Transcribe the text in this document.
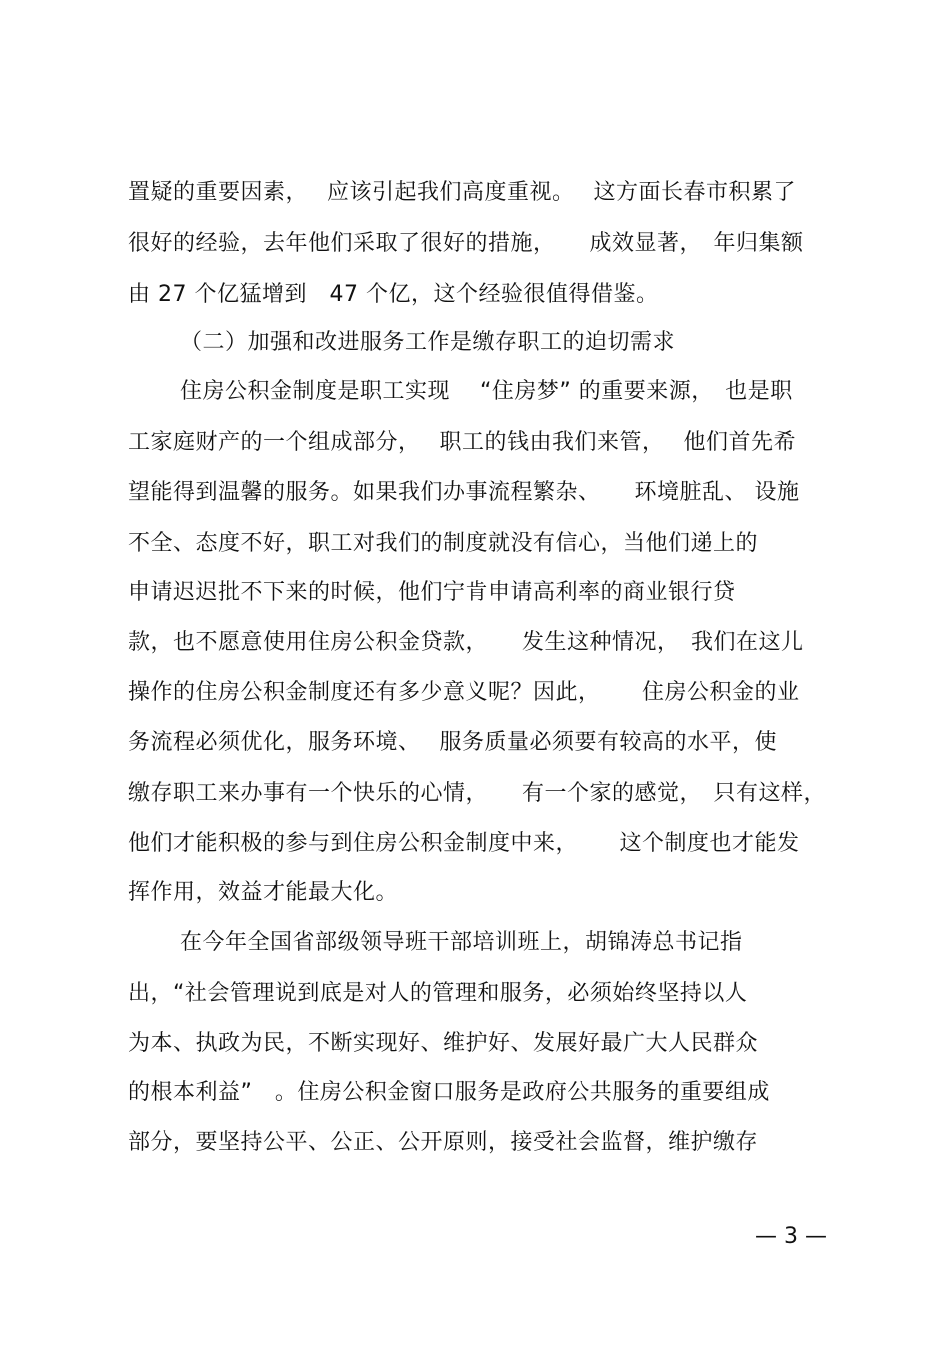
置疑的重要因素，　 应该引起我们高度重视。　 这方面长春市积累了
很好的经验，去年他们采取了很好的措施，　　成效显著，　年归集额
由 27 个亿猛增到　47 个亿，这个经验很值得借鉴。
（二）加强和改进服务工作是缴存职工的迫切需求
住房公积金制度是职工实现　 “住房梦” 的重要来源，　也是职
工家庭财产的一个组成部分，　 职工的钱由我们来管，　 他们首先希
望能得到温馨的服务。如果我们办事流程繁杂、　　环境脏乱、 设施
不全、态度不好，职工对我们的制度就没有信心，当他们递上的
申请迟迟批不下来的时候，他们宁肯申请高利率的商业银行贷
款，也不愿意使用住房公积金贷款，　　发生这种情况，　我们在这儿
操作的住房公积金制度还有多少意义呢？因此，　　 住房公积金的业
务流程必须优化，服务环境、　 服务质量必须要有较高的水平，使
缴存职工来办事有一个快乐的心情，　　有一个家的感觉，　只有这样，
他们才能积极的参与到住房公积金制度中来，　　 这个制度也才能发
挥作用，效益才能最大化。
在今年全国省部级领导班干部培训班上，胡锦涛总书记指
出，“社会管理说到底是对人的管理和服务，必须始终坚持以人
为本、执政为民，不断实现好、维护好、发展好最广大人民群众
的根本利益”　。住房公积金窗口服务是政府公共服务的重要组成
部分，要坚持公平、公正、公开原则，接受社会监督，维护缴存
— 3 —
